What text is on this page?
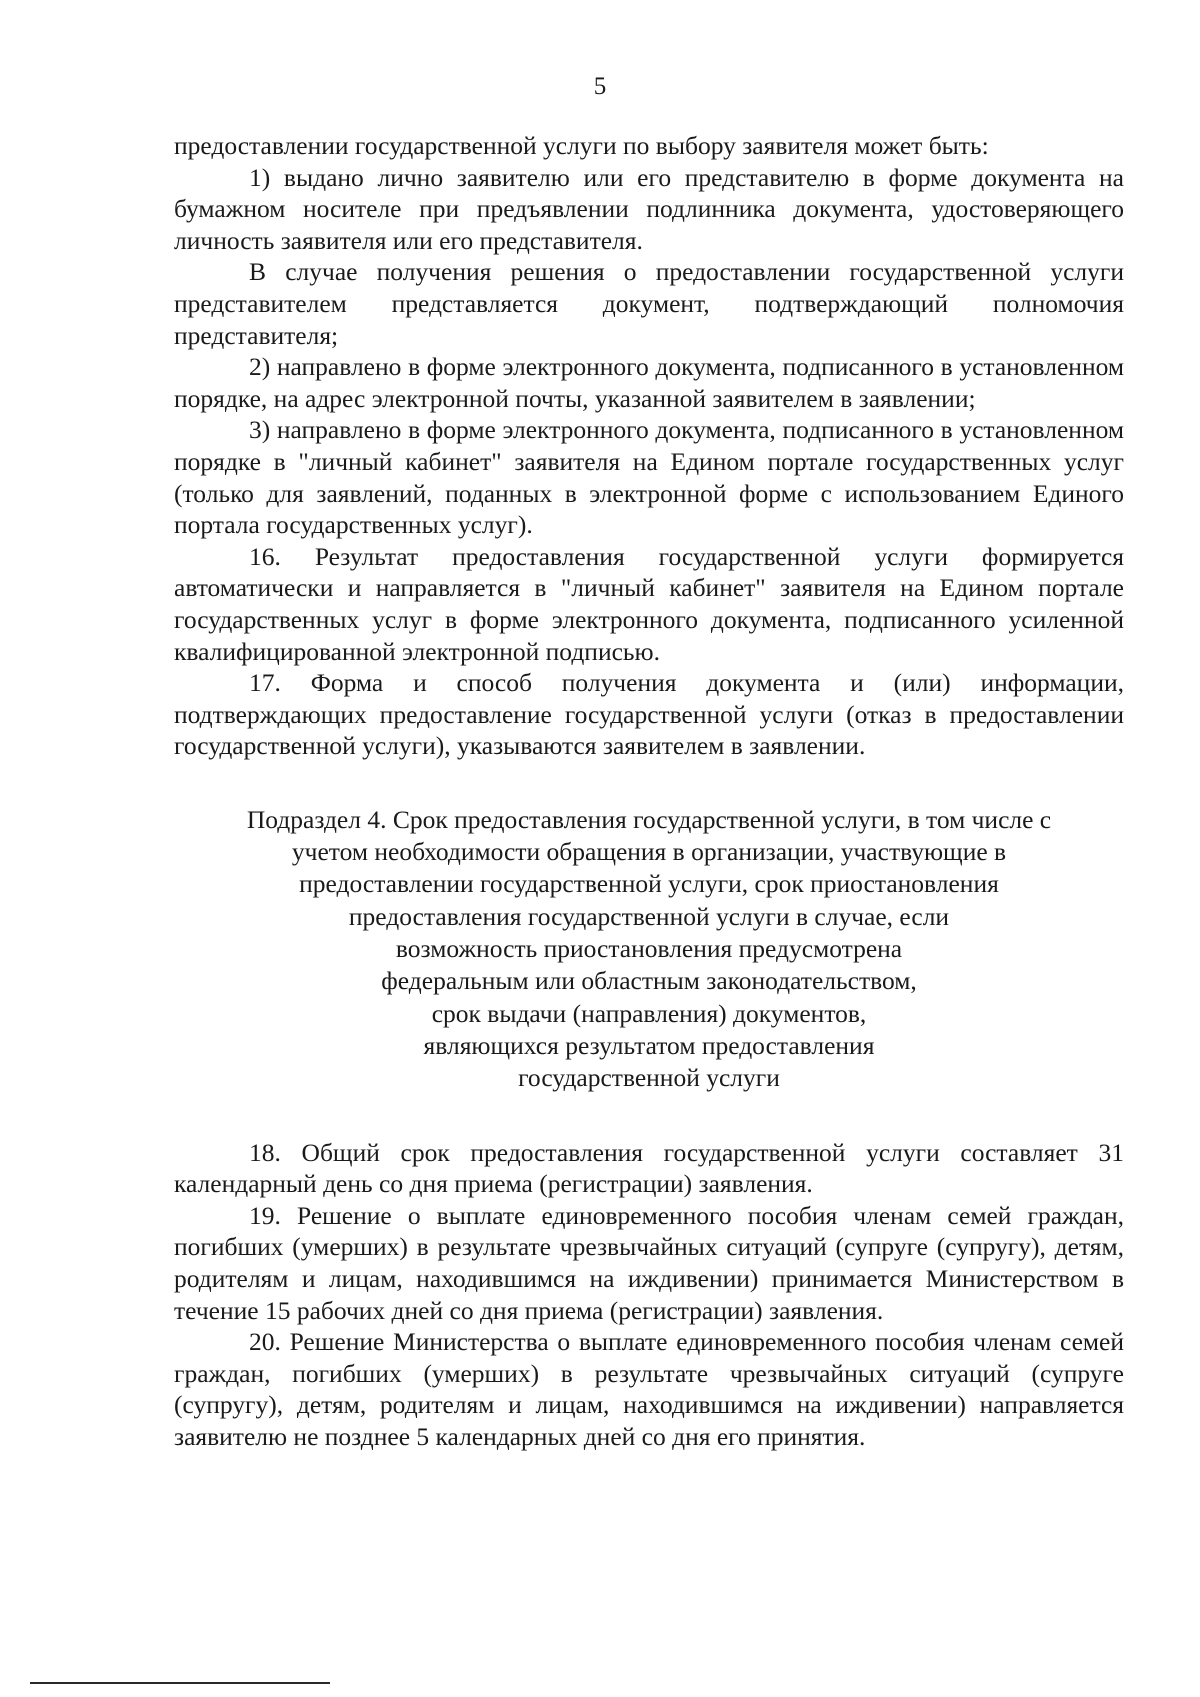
5

предоставлении государственной услуги по выбору заявителя может быть:

1) выдано лично заявителю или его представителю в форме документа на бумажном носителе при предъявлении подлинника документа, удостоверяющего личность заявителя или его представителя.

В случае получения решения о предоставлении государственной услуги представителем представляется документ, подтверждающий полномочия представителя;

2) направлено в форме электронного документа, подписанного в установленном порядке, на адрес электронной почты, указанной заявителем в заявлении;

3) направлено в форме электронного документа, подписанного в установленном порядке в "личный кабинет" заявителя на Едином портале государственных услуг (только для заявлений, поданных в электронной форме с использованием Единого портала государственных услуг).

16. Результат предоставления государственной услуги формируется автоматически и направляется в "личный кабинет" заявителя на Едином портале государственных услуг в форме электронного документа, подписанного усиленной квалифицированной электронной подписью.

17. Форма и способ получения документа и (или) информации, подтверждающих предоставление государственной услуги (отказ в предоставлении государственной услуги), указываются заявителем в заявлении.

Подраздел 4. Срок предоставления государственной услуги, в том числе с
учетом необходимости обращения в организации, участвующие в
предоставлении государственной услуги, срок приостановления
предоставления государственной услуги в случае, если
возможность приостановления предусмотрена
федеральным или областным законодательством,
срок выдачи (направления) документов,
являющихся результатом предоставления
государственной услуги

18. Общий срок предоставления государственной услуги составляет 31 календарный день со дня приема (регистрации) заявления.

19. Решение о выплате единовременного пособия членам семей граждан, погибших (умерших) в результате чрезвычайных ситуаций (супруге (супругу), детям, родителям и лицам, находившимся на иждивении) принимается Министерством в течение 15 рабочих дней со дня приема (регистрации) заявления.

20. Решение Министерства о выплате единовременного пособия членам семей граждан, погибших (умерших) в результате чрезвычайных ситуаций (супруге (супругу), детям, родителям и лицам, находившимся на иждивении) направляется заявителю не позднее 5 календарных дней со дня его принятия.
